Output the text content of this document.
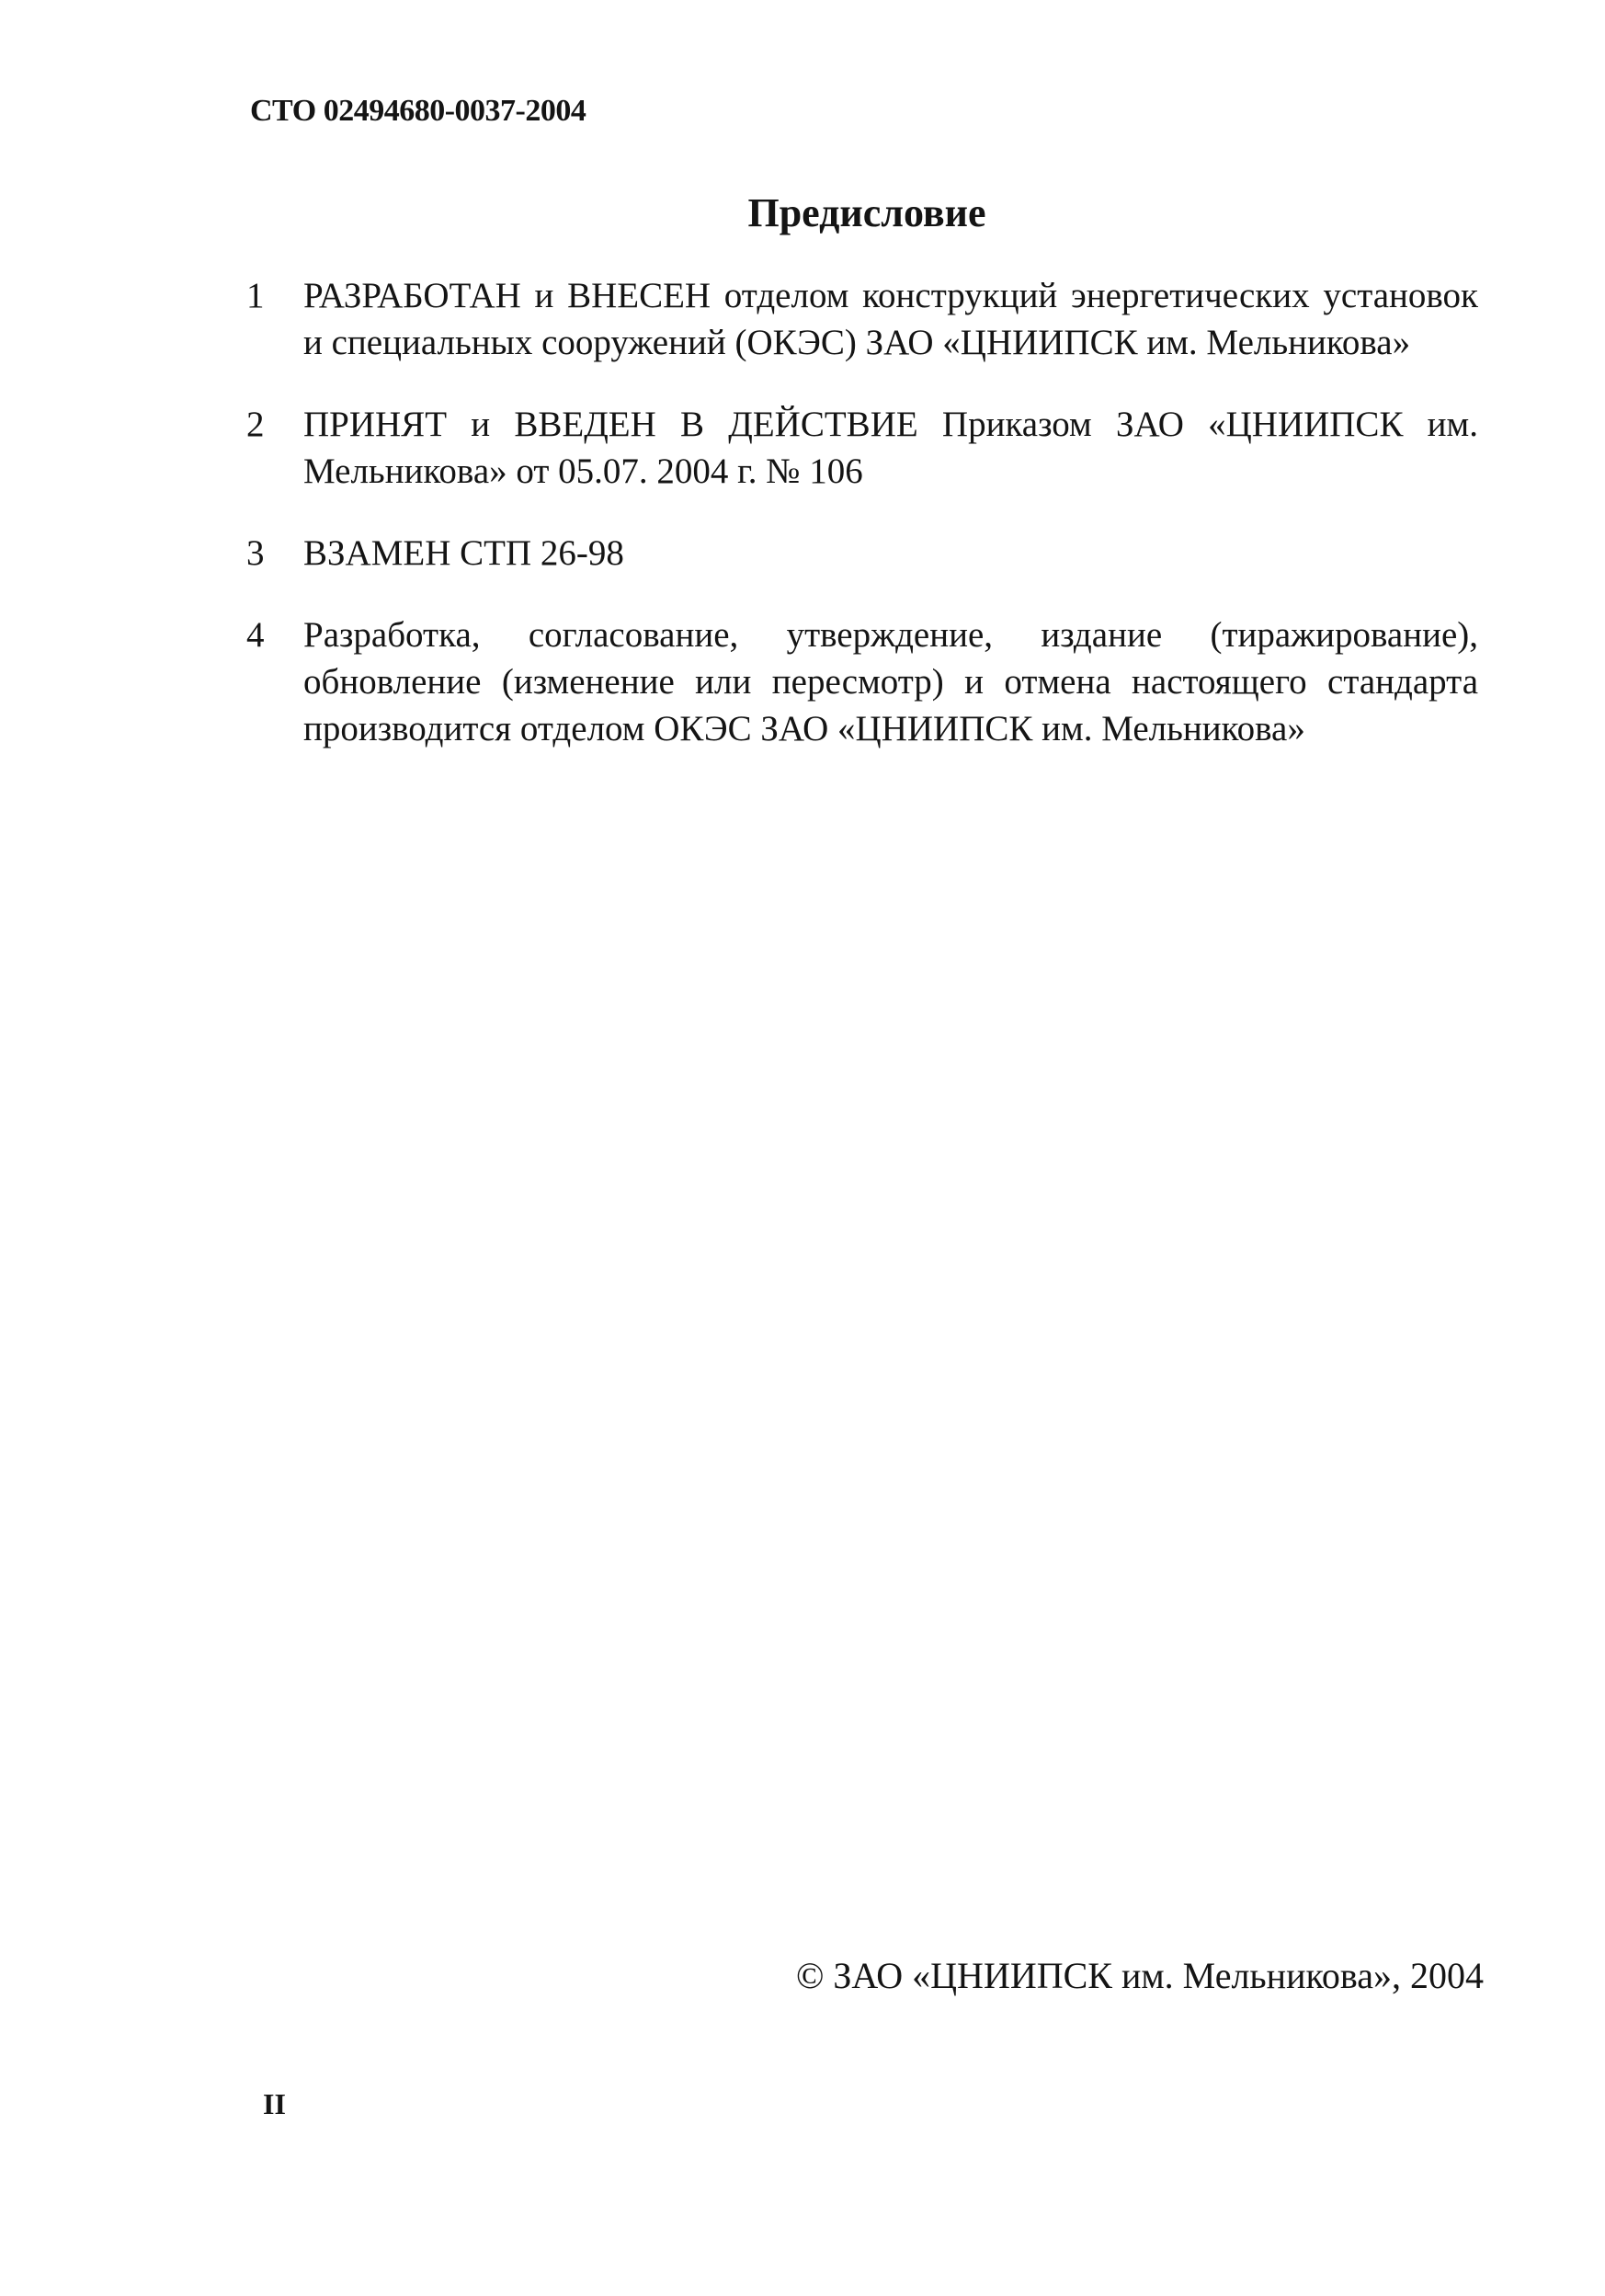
СТО 02494680-0037-2004
Предисловие
1	РАЗРАБОТАН и ВНЕСЕН отделом конструкций энергетических установок и специальных сооружений (ОКЭС) ЗАО «ЦНИИПСК им. Мельникова»
2	ПРИНЯТ и ВВЕДЕН В ДЕЙСТВИЕ Приказом ЗАО «ЦНИИПСК им. Мельникова» от 05.07. 2004 г. № 106
3	ВЗАМЕН СТП 26-98
4	Разработка, согласование, утверждение, издание (тиражирование), обновление (изменение или пересмотр) и отмена настоящего стандарта производится отделом ОКЭС ЗАО «ЦНИИПСК им. Мельникова»
© ЗАО «ЦНИИПСК им. Мельникова», 2004
II
